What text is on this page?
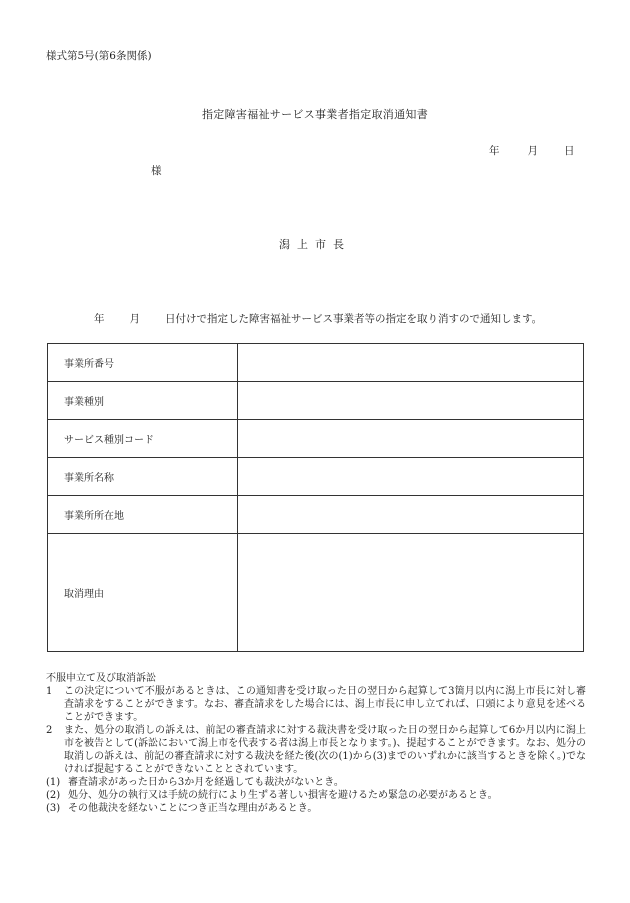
様式第5号(第6条関係)
指定障害福祉サービス事業者指定取消通知書
年	月 日
様
潟上市長
年 月 日付けで指定した障害福祉サービス事業者等の指定を取り消すので通知します。
事業所番号	
事業種別	
サービス種別コード	
事業所名称	
事業所所在地	
取消理由	
不服申立て及び取消訴訟
1	この決定について不服があるときは、この通知書を受け取った日の翌日から起算して3箇月以内に潟上市長に対し審査請求をすることができます。なお、審査請求をした場合には、潟上市長に申し立てれば、口頭により意見を述べることができます。
2	また、処分の取消しの訴えは、前記の審査請求に対する裁決書を受け取った日の翌日から起算して6か月以内に潟上市を被告として(訴訟において潟上市を代表する者は潟上市長となります。)、提起することができます。なお、処分の取消しの訴えは、前記の審査請求に対する裁決を経た後(次の(1)から(3)までのいずれかに該当するときを除く。)でなければ提起することができないこととされています。
(1) 審査請求があった日から3か月を経過しても裁決がないとき。
(2) 処分、処分の執行又は手続の続行により生ずる著しい損害を避けるため緊急の必要があるとき。
(3) その他裁決を経ないことにつき正当な理由があるとき。
